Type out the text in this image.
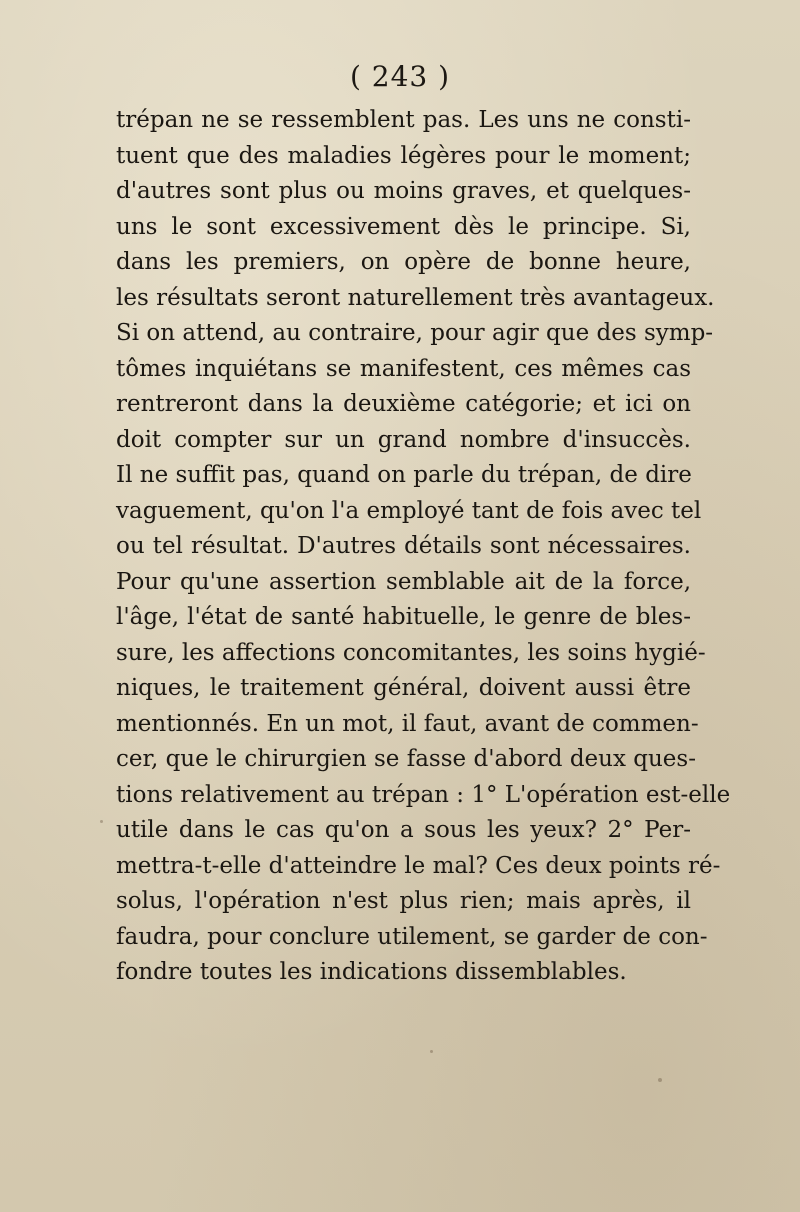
( 243 )
trépan ne se ressemblent pas. Les uns ne consti-
tuent que des maladies légères pour le moment;
d'autres sont plus ou moins graves, et quelques-
uns le sont excessivement dès le principe. Si,
dans les premiers, on opère de bonne heure,
les résultats seront naturellement très avantageux.
Si on attend, au contraire, pour agir que des symp-
tômes inquiétans se manifestent, ces mêmes cas
rentreront dans la deuxième catégorie; et ici on
doit compter sur un grand nombre d'insuccès.
Il ne suffit pas, quand on parle du trépan, de dire
vaguement, qu'on l'a employé tant de fois avec tel
ou tel résultat. D'autres détails sont nécessaires.
Pour qu'une assertion semblable ait de la force,
l'âge, l'état de santé habituelle, le genre de bles-
sure, les affections concomitantes, les soins hygié-
niques, le traitement général, doivent aussi être
mentionnés. En un mot, il faut, avant de commen-
cer, que le chirurgien se fasse d'abord deux ques-
tions relativement au trépan : 1° L'opération est-elle
utile dans le cas qu'on a sous les yeux? 2° Per-
mettra-t-elle d'atteindre le mal? Ces deux points ré-
solus, l'opération n'est plus rien; mais après, il
faudra, pour conclure utilement, se garder de con-
fondre toutes les indications dissemblables.
